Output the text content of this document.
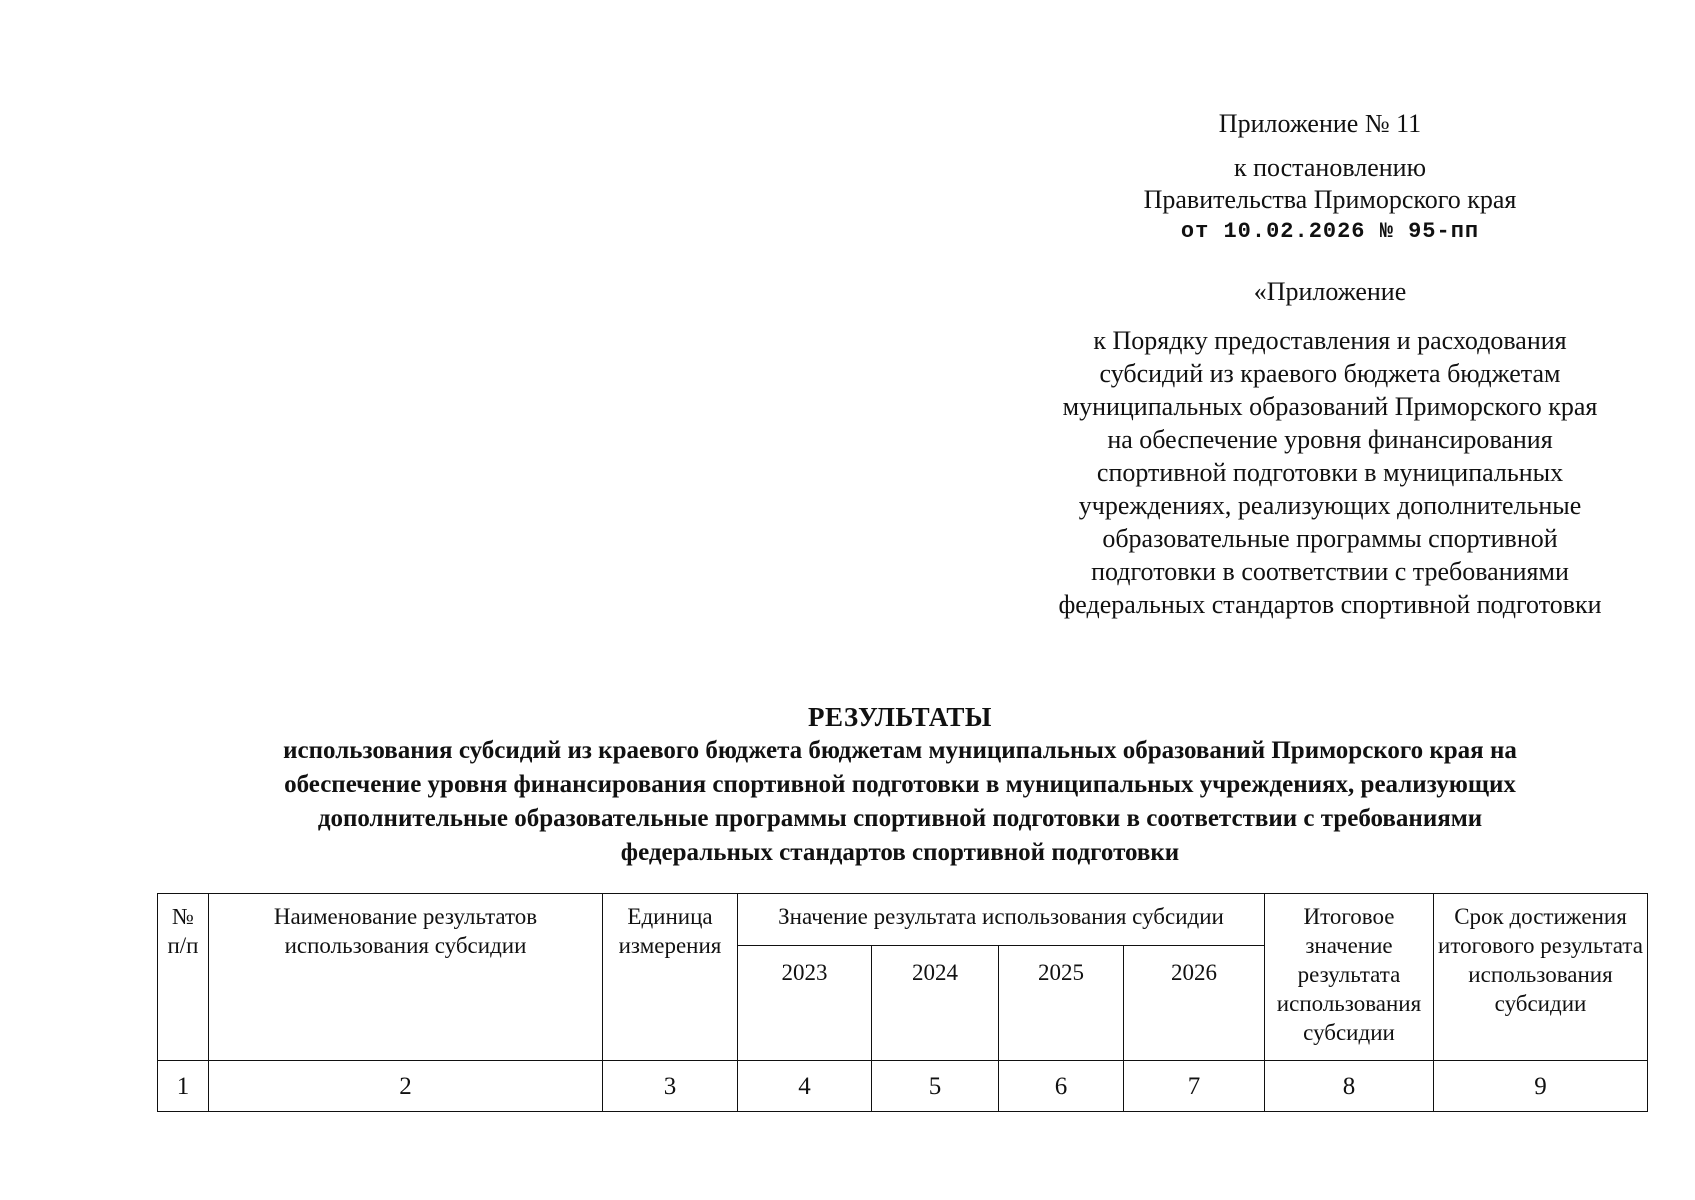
Приложение № 11
к постановлению
Правительства Приморского края
от 10.02.2026 № 95-пп
«Приложение
к Порядку предоставления и расходования
субсидий из краевого бюджета бюджетам
муниципальных образований Приморского края
на обеспечение уровня финансирования
спортивной подготовки в муниципальных
учреждениях, реализующих дополнительные
образовательные программы спортивной
подготовки в соответствии с требованиями
федеральных стандартов спортивной подготовки
РЕЗУЛЬТАТЫ
использования субсидий из краевого бюджета бюджетам муниципальных образований Приморского края на
обеспечение уровня финансирования спортивной подготовки в муниципальных учреждениях, реализующих
дополнительные образовательные программы спортивной подготовки в соответствии с требованиями
федеральных стандартов спортивной подготовки
№ п/п	Наименование результатов использования субсидии	Единица измерения	Значение результата использования субсидии				Итоговое значение результата использования субсидии	Срок достижения итогового результата использования субсидии
			2023	2024	2025	2026		
1	2	3	4	5	6	7	8	9
